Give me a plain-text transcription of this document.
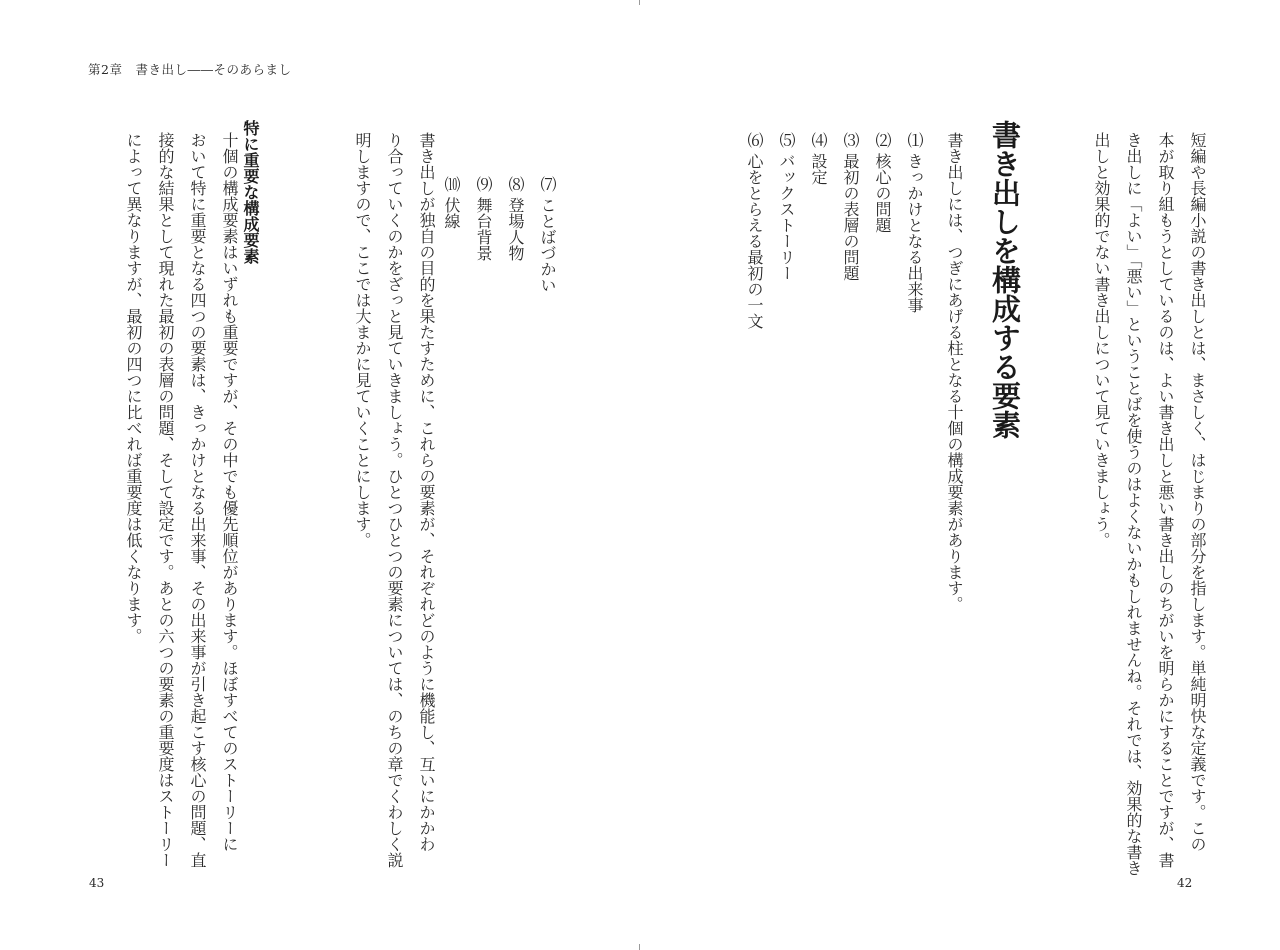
第2章　書き出し――そのあらまし
短編や長編小説の書き出しとは、まさしく、はじまりの部分を指します。単純明快な定義です。この
本が取り組もうとしているのは、よい書き出しと悪い書き出しのちがいを明らかにすることですが、書
き出しに「よい」「悪い」ということばを使うのはよくないかもしれませんね。それでは、効果的な書き
出しと効果的でない書き出しについて見ていきましょう。
書き出しを構成する要素
書き出しには、つぎにあげる柱となる十個の構成要素があります。
⑴ きっかけとなる出来事
⑵ 核心の問題
⑶ 最初の表層の問題
⑷ 設定
⑸ バックストーリー
⑹ 心をとらえる最初の一文
⑺ ことばづかい
⑻ 登場人物
⑼ 舞台背景
⑽ 伏線
書き出しが独自の目的を果たすために、これらの要素が、それぞれどのように機能し、互いにかかわ
り合っていくのかをざっと見ていきましょう。ひとつひとつの要素については、のちの章でくわしく説
明しますので、ここでは大まかに見ていくことにします。
特に重要な構成要素
十個の構成要素はいずれも重要ですが、その中でも優先順位があります。ほぼすべてのストーリーに
おいて特に重要となる四つの要素は、きっかけとなる出来事、その出来事が引き起こす核心の問題、直
接的な結果として現れた最初の表層の問題、そして設定です。あとの六つの要素の重要度はストーリー
によって異なりますが、最初の四つに比べれば重要度は低くなります。
43	42
